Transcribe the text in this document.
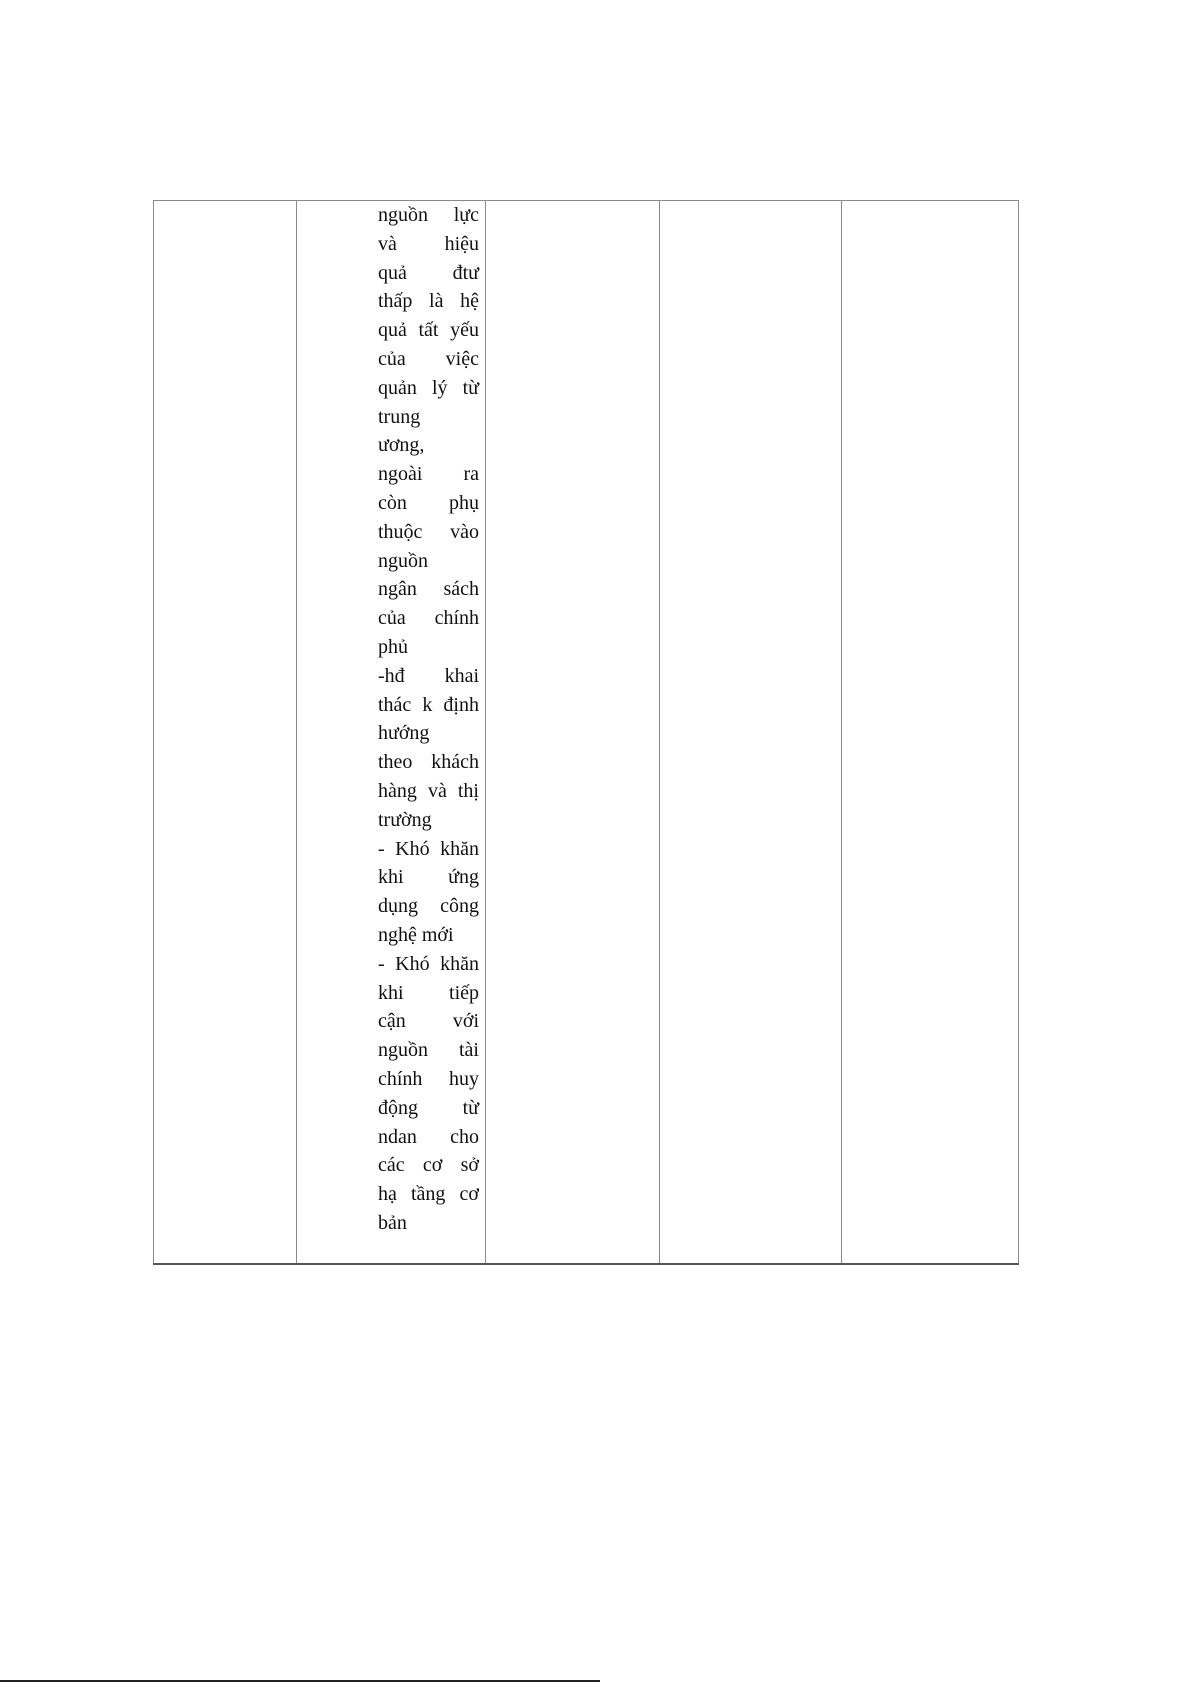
nguồn lực
và hiệu
quả đtư
thấp là hệ
quả tất yếu
của việc
quản lý từ
trung
ương,
ngoài ra
còn phụ
thuộc vào
nguồn
ngân sách
của chính
phủ
-hđ khai
thác k định
hướng
theo khách
hàng và thị
trường
- Khó khăn
khi ứng
dụng công
nghệ mới
- Khó khăn
khi tiếp
cận với
nguồn tài
chính huy
động từ
ndan cho
các cơ sở
hạ tầng cơ
bản
